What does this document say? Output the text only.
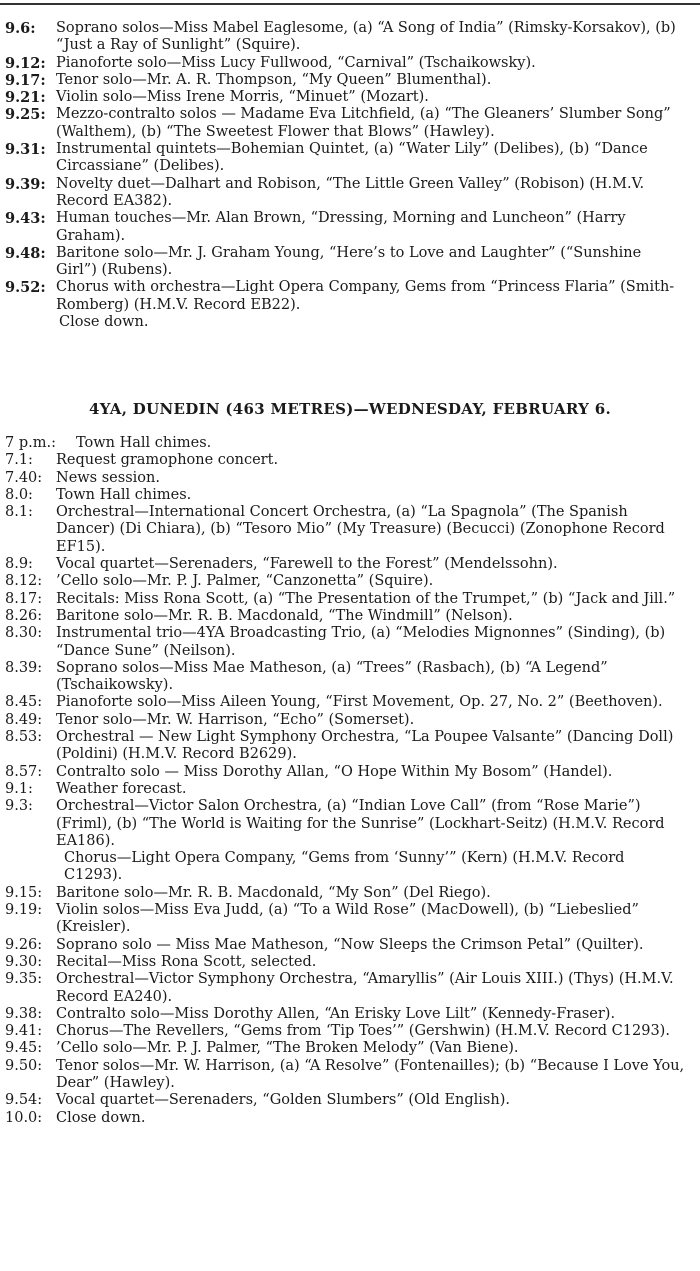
9.6: Soprano solos—Miss Mabel Eaglesome, (a) “A Song of India” (Rimsky-Korsakov), (b) “Just a Ray of Sunlight” (Squire).
9.12: Pianoforte solo—Miss Lucy Fullwood, “Carnival” (Tschaikowsky).
9.17: Tenor solo—Mr. A. R. Thompson, “My Queen” Blumenthal).
9.21: Violin solo—Miss Irene Morris, “Minuet” (Mozart).
9.25: Mezzo-contralto solos — Madame Eva Litchfield, (a) “The Gleaners’ Slumber Song” (Walthem), (b) “The Sweetest Flower that Blows” (Hawley).
9.31: Instrumental quintets—Bohemian Quintet, (a) “Water Lily” (Delibes), (b) “Dance Circassiane” (Delibes).
9.39: Novelty duet—Dalhart and Robison, “The Little Green Valley” (Robison) (H.M.V. Record EA382).
9.43: Human touches—Mr. Alan Brown, “Dressing, Morning and Luncheon” (Harry Graham).
9.48: Baritone solo—Mr. J. Graham Young, “Here’s to Love and Laughter” (“Sunshine Girl”) (Rubens).
9.52: Chorus with orchestra—Light Opera Company, Gems from “Princess Flaria” (Smith-Romberg) (H.M.V. Record EB22).
Close down.
4YA, DUNEDIN (463 METRES)—WEDNESDAY, FEBRUARY 6.
7 p.m.: Town Hall chimes.
7.1: Request gramophone concert.
7.40: News session.
8.0: Town Hall chimes.
8.1: Orchestral—International Concert Orchestra, (a) “La Spagnola” (The Spanish Dancer) (Di Chiara), (b) “Tesoro Mio” (My Treasure) (Becucci) (Zonophone Record EF15).
8.9: Vocal quartet—Serenaders, “Farewell to the Forest” (Mendelssohn).
8.12: ’Cello solo—Mr. P. J. Palmer, “Canzonetta” (Squire).
8.17: Recitals: Miss Rona Scott, (a) “The Presentation of the Trumpet,” (b) “Jack and Jill.”
8.26: Baritone solo—Mr. R. B. Macdonald, “The Windmill” (Nelson).
8.30: Instrumental trio—4YA Broadcasting Trio, (a) “Melodies Mignonnes” (Sinding), (b) “Dance Sune” (Neilson).
8.39: Soprano solos—Miss Mae Matheson, (a) “Trees” (Rasbach), (b) “A Legend” (Tschaikowsky).
8.45: Pianoforte solo—Miss Aileen Young, “First Movement, Op. 27, No. 2” (Beethoven).
8.49: Tenor solo—Mr. W. Harrison, “Echo” (Somerset).
8.53: Orchestral — New Light Symphony Orchestra, “La Poupee Valsante” (Dancing Doll) (Poldini) (H.M.V. Record B2629).
8.57: Contralto solo — Miss Dorothy Allan, “O Hope Within My Bosom” (Handel).
9.1: Weather forecast.
9.3: Orchestral—Victor Salon Orchestra, (a) “Indian Love Call” (from “Rose Marie”) (Friml), (b) “The World is Waiting for the Sunrise” (Lockhart-Seitz) (H.M.V. Record EA186).
Chorus—Light Opera Company, “Gems from ‘Sunny’” (Kern) (H.M.V. Record C1293).
9.15: Baritone solo—Mr. R. B. Macdonald, “My Son” (Del Riego).
9.19: Violin solos—Miss Eva Judd, (a) “To a Wild Rose” (MacDowell), (b) “Liebeslied” (Kreisler).
9.26: Soprano solo — Miss Mae Matheson, “Now Sleeps the Crimson Petal” (Quilter).
9.30: Recital—Miss Rona Scott, selected.
9.35: Orchestral—Victor Symphony Orchestra, “Amaryllis” (Air Louis XIII.) (Thys) (H.M.V. Record EA240).
9.38: Contralto solo—Miss Dorothy Allen, “An Erisky Love Lilt” (Kennedy-Fraser).
9.41: Chorus—The Revellers, “Gems from ‘Tip Toes’” (Gershwin) (H.M.V. Record C1293).
9.45: ’Cello solo—Mr. P. J. Palmer, “The Broken Melody” (Van Biene).
9.50: Tenor solos—Mr. W. Harrison, (a) “A Resolve” (Fontenailles); (b) “Because I Love You, Dear” (Hawley).
9.54: Vocal quartet—Serenaders, “Golden Slumbers” (Old English).
10.0: Close down.
